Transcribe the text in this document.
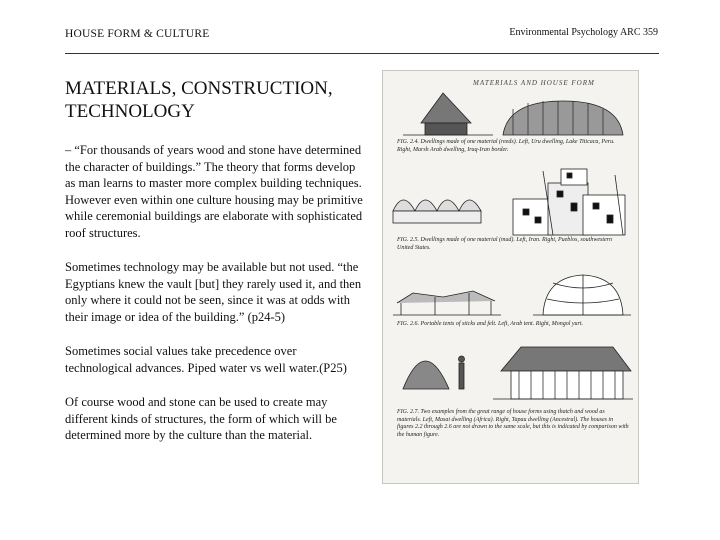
HOUSE FORM & CULTURE	Environmental Psychology ARC 359
MATERIALS, CONSTRUCTION, TECHNOLOGY

– “For thousands of years wood and stone have determined the character of buildings.” The theory that forms develop as man learns to master more complex building techniques. However even within one culture housing may be primitive while ceremonial buildings are elaborate with sophisticated roof structures.

Sometimes technology may be available but not used. “the Egyptians knew the vault [but] they rarely used it, and then only where it could not be seen, since it was at odds with their image or idea of the building.” (p24-5)

Sometimes social values take precedence over technological advances. Piped water vs well water.(P25)

Of course wood and stone can be used to create may different kinds of structures, the form of which will be determined more by the culture than the material.

MATERIALS AND HOUSE FORM
FIG. 2.4. Dwellings made of one material (reeds). Left, Uru dwelling, Lake Titicaca, Peru. Right, Marsh Arab dwelling, Iraq-Iran border.
FIG. 2.5. Dwellings made of one material (mud). Left, Iran. Right, Pueblos, southwestern United States.
FIG. 2.6. Portable tents of sticks and felt. Left, Arab tent. Right, Mongol yurt.
FIG. 2.7. Two examples from the great range of house forms using thatch and wood as materials. Left, Masai dwelling (Africa). Right, Tapau dwelling (Ancestral). The houses in figures 2.2 through 2.6 are not drawn to the same scale, but this is indicated by comparison with the human figure.
